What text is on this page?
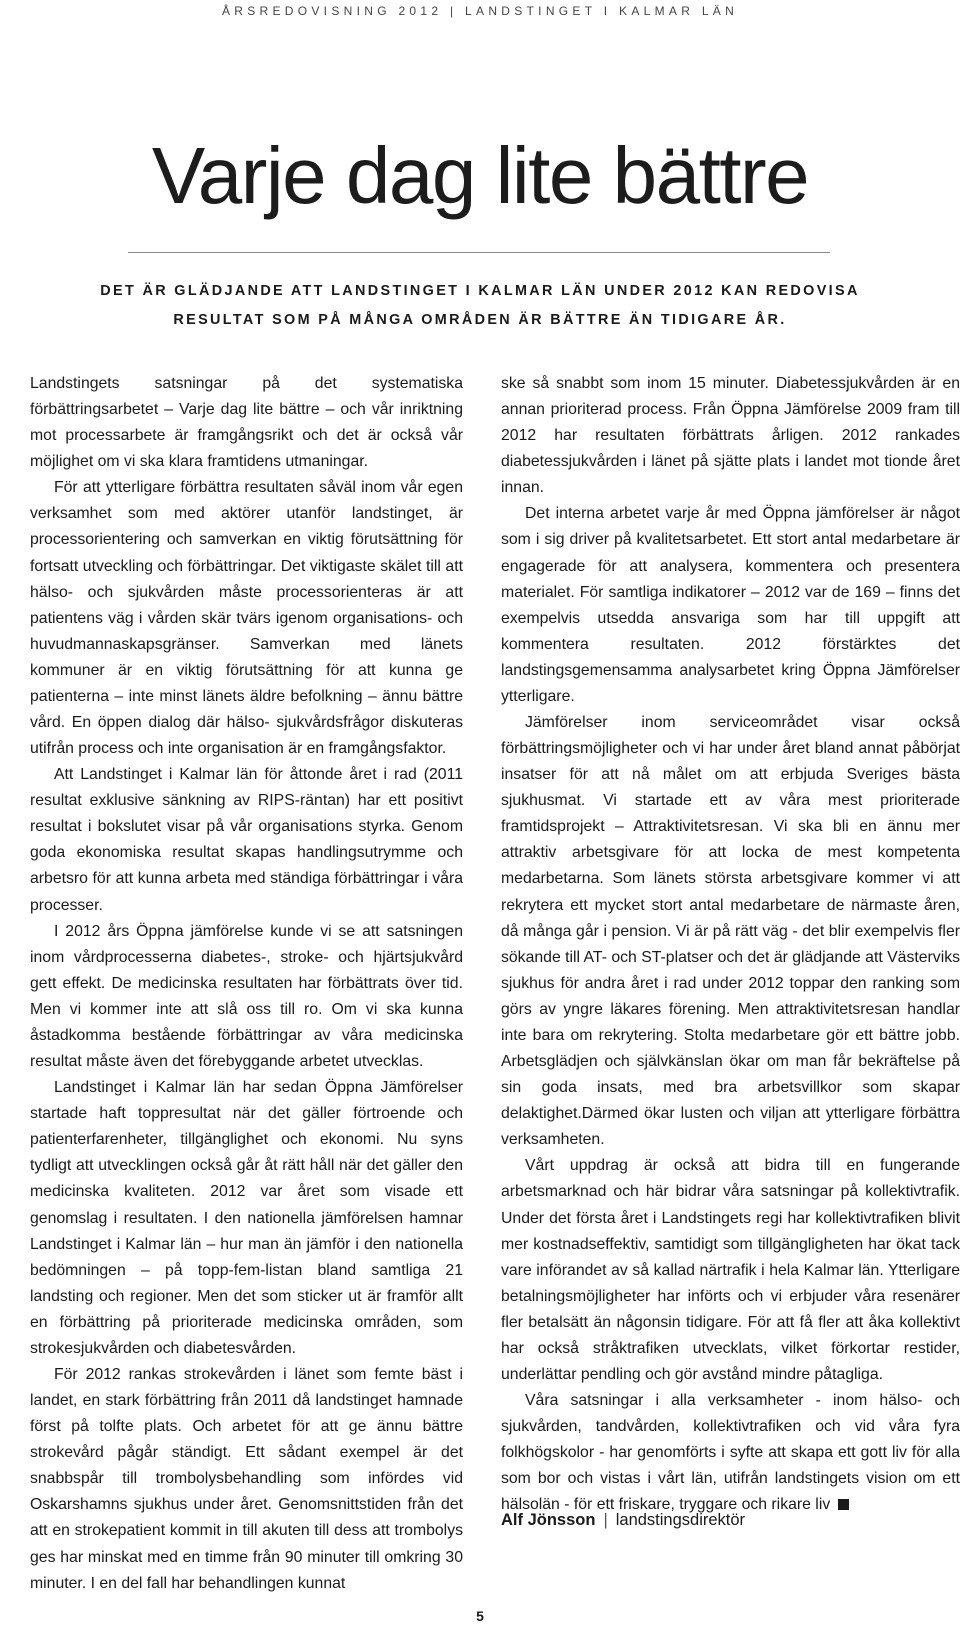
ÅRSREDOVISNING 2012 | LANDSTINGET I KALMAR LÄN
Varje dag lite bättre
DET ÄR GLÄDJANDE ATT LANDSTINGET I KALMAR LÄN UNDER 2012 KAN REDOVISA
RESULTAT SOM PÅ MÅNGA OMRÅDEN ÄR BÄTTRE ÄN TIDIGARE ÅR.

Landstingets satsningar på det systematiska förbättringsarbetet – Varje dag lite bättre – och vår inriktning mot processarbete är framgångsrikt och det är också vår möjlighet om vi ska klara framtidens utmaningar.

För att ytterligare förbättra resultaten såväl inom vår egen verksamhet som med aktörer utanför landstinget, är processorientering och samverkan en viktig förutsättning för fortsatt utveckling och förbättringar. Det viktigaste skälet till att hälso- och sjukvården måste processorienteras är att patientens väg i vården skär tvärs igenom organisations- och huvudmannaskapsgränser. Samverkan med länets kommuner är en viktig förutsättning för att kunna ge patienterna – inte minst länets äldre befolkning – ännu bättre vård. En öppen dialog där hälso- sjukvårdsfrågor diskuteras utifrån process och inte organisation är en framgångsfaktor.

Att Landstinget i Kalmar län för åttonde året i rad (2011 resultat exklusive sänkning av RIPS-räntan) har ett positivt resultat i bokslutet visar på vår organisations styrka. Genom goda ekonomiska resultat skapas handlingsutrymme och arbetsro för att kunna arbeta med ständiga förbättringar i våra processer.

I 2012 års Öppna jämförelse kunde vi se att satsningen inom vårdprocesserna diabetes-, stroke- och hjärtsjukvård gett effekt. De medicinska resultaten har förbättrats över tid. Men vi kommer inte att slå oss till ro. Om vi ska kunna åstadkomma bestående förbättringar av våra medicinska resultat måste även det förebyggande arbetet utvecklas.

Landstinget i Kalmar län har sedan Öppna Jämförelser startade haft toppresultat när det gäller förtroende och patienterfarenheter, tillgänglighet och ekonomi. Nu syns tydligt att utvecklingen också går åt rätt håll när det gäller den medicinska kvaliteten. 2012 var året som visade ett genomslag i resultaten. I den nationella jämförelsen hamnar Landstinget i Kalmar län – hur man än jämför i den nationella bedömningen – på topp-fem-listan bland samtliga 21 landsting och regioner. Men det som sticker ut är framför allt en förbättring på prioriterade medicinska områden, som strokesjukvården och diabetesvården.

För 2012 rankas strokevården i länet som femte bäst i landet, en stark förbättring från 2011 då landstinget hamnade först på tolfte plats. Och arbetet för att ge ännu bättre strokevård pågår ständigt. Ett sådant exempel är det snabbspår till trombolysbehandling som infördes vid Oskarshamns sjukhus under året. Genomsnittstiden från det att en strokepatient kommit in till akuten till dess att trombolys ges har minskat med en timme från 90 minuter till omkring 30 minuter. I en del fall har behandlingen kunnat

ske så snabbt som inom 15 minuter. Diabetessjukvården är en annan prioriterad process. Från Öppna Jämförelse 2009 fram till 2012 har resultaten förbättrats årligen. 2012 rankades diabetessjukvården i länet på sjätte plats i landet mot tionde året innan.

Det interna arbetet varje år med Öppna jämförelser är något som i sig driver på kvalitetsarbetet. Ett stort antal medarbetare är engagerade för att analysera, kommentera och presentera materialet. För samtliga indikatorer – 2012 var de 169 – finns det exempelvis utsedda ansvariga som har till uppgift att kommentera resultaten. 2012 förstärktes det landstingsgemensamma analysarbetet kring Öppna Jämförelser ytterligare.

Jämförelser inom serviceområdet visar också förbättringsmöjligheter och vi har under året bland annat påbörjat insatser för att nå målet om att erbjuda Sveriges bästa sjukhusmat. Vi startade ett av våra mest prioriterade framtidsprojekt – Attraktivitetsresan. Vi ska bli en ännu mer attraktiv arbetsgivare för att locka de mest kompetenta medarbetarna. Som länets största arbetsgivare kommer vi att rekrytera ett mycket stort antal medarbetare de närmaste åren, då många går i pension. Vi är på rätt väg - det blir exempelvis fler sökande till AT- och ST-platser och det är glädjande att Västerviks sjukhus för andra året i rad under 2012 toppar den ranking som görs av yngre läkares förening. Men attraktivitetsresan handlar inte bara om rekrytering. Stolta medarbetare gör ett bättre jobb. Arbetsglädjen och självkänslan ökar om man får bekräftelse på sin goda insats, med bra arbetsvillkor som skapar delaktighet.Därmed ökar lusten och viljan att ytterligare förbättra verksamheten.

Vårt uppdrag är också att bidra till en fungerande arbetsmarknad och här bidrar våra satsningar på kollektivtrafik. Under det första året i Landstingets regi har kollektivtrafiken blivit mer kostnadseffektiv, samtidigt som tillgängligheten har ökat tack vare införandet av så kallad närtrafik i hela Kalmar län. Ytterligare betalningsmöjligheter har införts och vi erbjuder våra resenärer fler betalsätt än någonsin tidigare. För att få fler att åka kollektivt har också stråktrafiken utvecklats, vilket förkortar restider, underlättar pendling och gör avstånd mindre påtagliga.

Våra satsningar i alla verksamheter - inom hälso- och sjukvården, tandvården, kollektivtrafiken och vid våra fyra folkhögskolor - har genomförts i syfte att skapa ett gott liv för alla som bor och vistas i vårt län, utifrån landstingets vision om ett hälsolän - för ett friskare, tryggare och rikare liv

Alf Jönsson | landstingsdirektör
5
